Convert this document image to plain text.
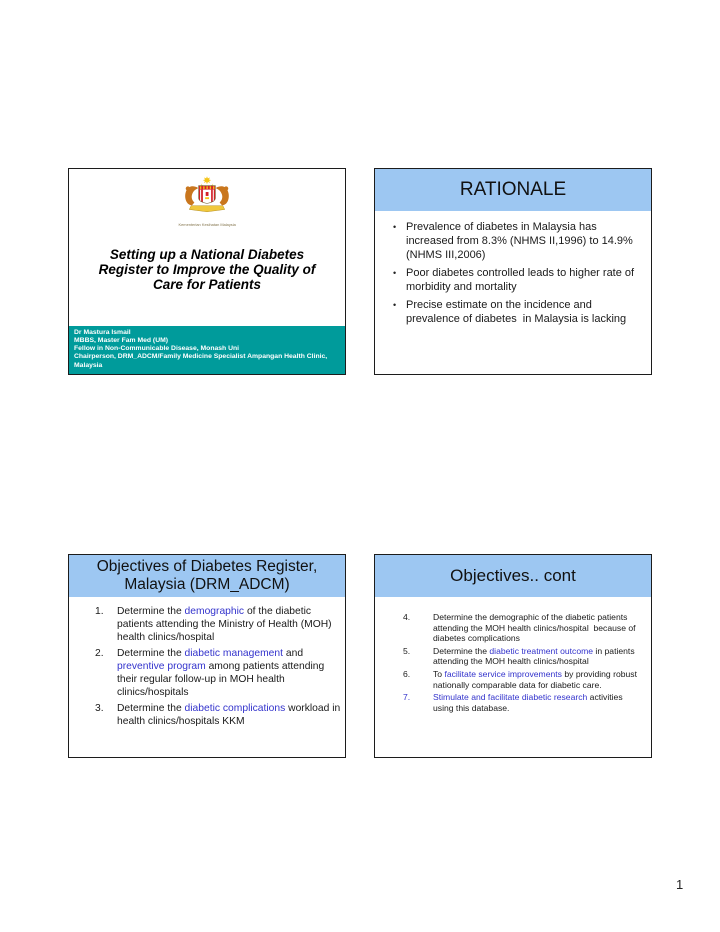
Kementerian Kesihatan Malaysia
Setting up a National Diabetes Register to Improve the Quality of Care for Patients
Dr Mastura Ismail
MBBS, Master Fam Med (UM)
Fellow in Non-Communicable Disease, Monash Uni
Chairperson, DRM_ADCM/Family Medicine Specialist Ampangan Health Clinic,
Malaysia
RATIONALE
• Prevalence of diabetes in Malaysia has increased from 8.3% (NHMS II,1996) to 14.9% (NHMS III,2006)
• Poor diabetes controlled leads to higher rate of morbidity and mortality
• Precise estimate on the incidence and prevalence of diabetes  in Malaysia is lacking
Objectives of Diabetes Register, Malaysia (DRM_ADCM)
1.	Determine the demographic of the diabetic patients attending the Ministry of Health (MOH) health clinics/hospital
2.	Determine the diabetic management and preventive program among patients attending their regular follow-up in MOH health clinics/hospitals
3.	Determine the diabetic complications workload in health clinics/hospitals KKM
Objectives.. cont
4.	Determine the demographic of the diabetic patients attending the MOH health clinics/hospital  because of diabetes complications
5.	Determine the diabetic treatment outcome in patients attending the MOH health clinics/hospital
6.	To facilitate service improvements by providing robust nationally comparable data for diabetic care.
7.	Stimulate and facilitate diabetic research activities using this database.
1
